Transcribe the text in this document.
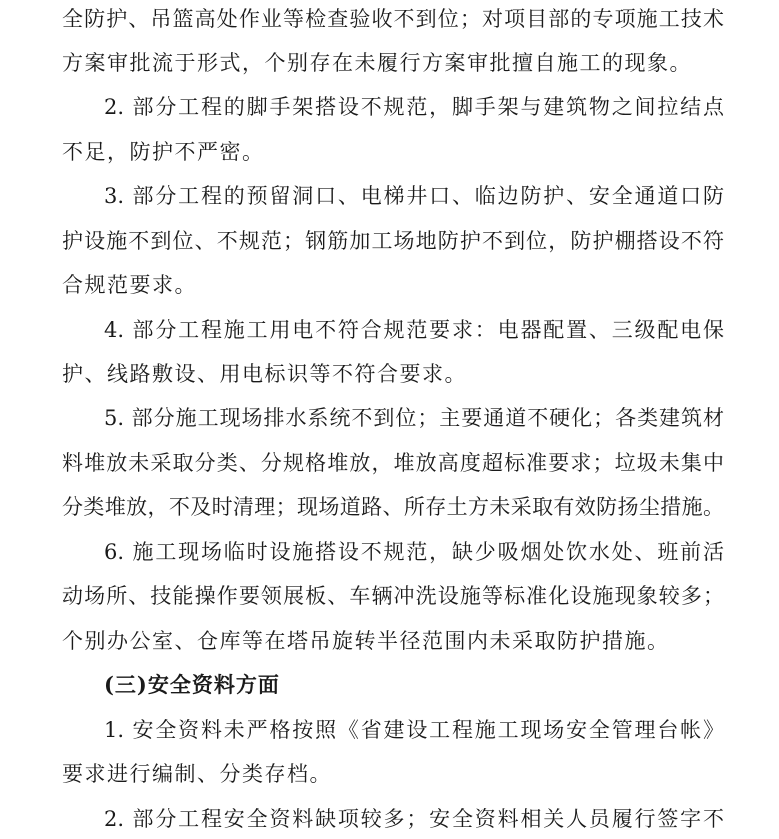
全防护、吊篮高处作业等检查验收不到位；对项目部的专项施工技术
方案审批流于形式，个别存在未履行方案审批擅自施工的现象。
2. 部分工程的脚手架搭设不规范，脚手架与建筑物之间拉结点
不足，防护不严密。
3. 部分工程的预留洞口、电梯井口、临边防护、安全通道口防
护设施不到位、不规范；钢筋加工场地防护不到位，防护棚搭设不符
合规范要求。
4. 部分工程施工用电不符合规范要求：电器配置、三级配电保
护、线路敷设、用电标识等不符合要求。
5. 部分施工现场排水系统不到位；主要通道不硬化；各类建筑材
料堆放未采取分类、分规格堆放，堆放高度超标准要求；垃圾未集中
分类堆放，不及时清理；现场道路、所存土方未采取有效防扬尘措施。
6. 施工现场临时设施搭设不规范，缺少吸烟处饮水处、班前活
动场所、技能操作要领展板、车辆冲洗设施等标准化设施现象较多；
个别办公室、仓库等在塔吊旋转半径范围内未采取防护措施。
(三)安全资料方面
1. 安全资料未严格按照《省建设工程施工现场安全管理台帐》
要求进行编制、分类存档。
2. 部分工程安全资料缺项较多；安全资料相关人员履行签字不
